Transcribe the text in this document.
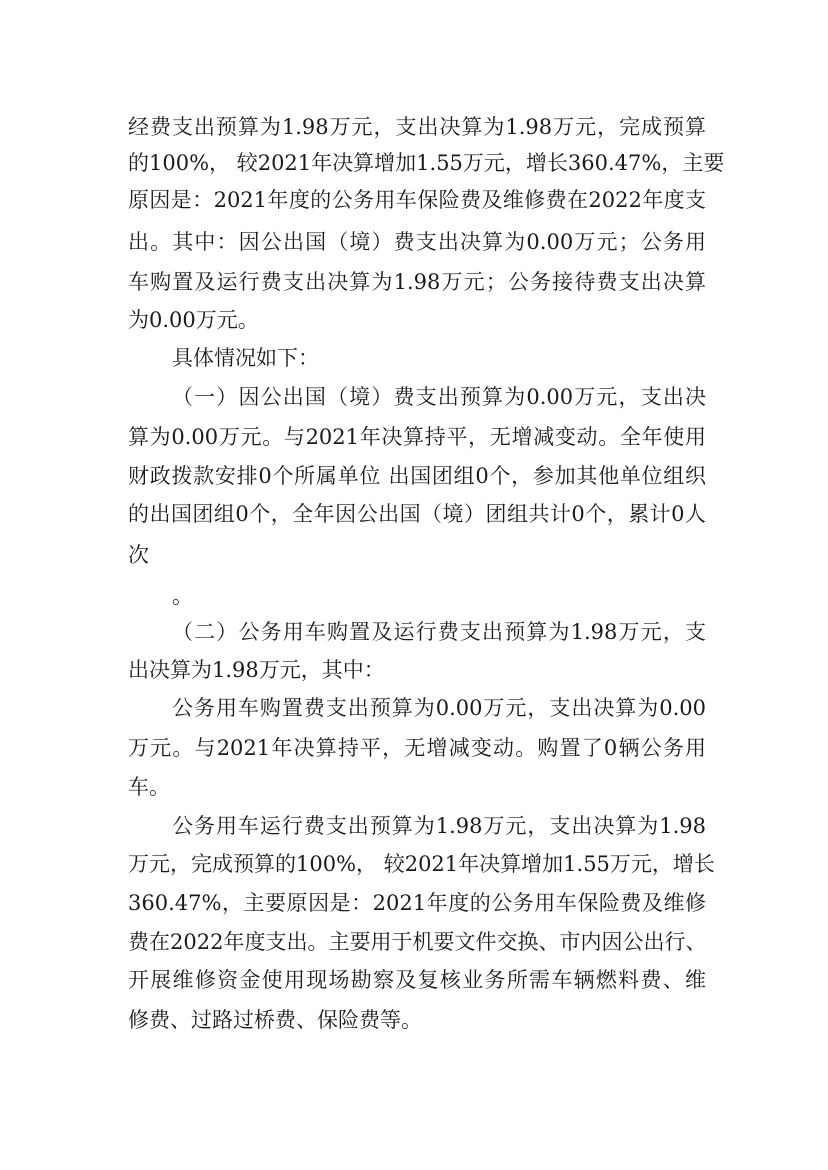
经费支出预算为1.98万元，支出决算为1.98万元，完成预算
的100%， 较2021年决算增加1.55万元，增长360.47%，主要
原因是：2021年度的公务用车保险费及维修费在2022年度支
出。其中：因公出国（境）费支出决算为0.00万元；公务用
车购置及运行费支出决算为1.98万元；公务接待费支出决算
为0.00万元。
具体情况如下：
（一）因公出国（境）费支出预算为0.00万元，支出决
算为0.00万元。与2021年决算持平，无增减变动。全年使用
财政拨款安排0个所属单位 出国团组0个，参加其他单位组织
的出国团组0个，全年因公出国（境）团组共计0个，累计0人
次
。
（二）公务用车购置及运行费支出预算为1.98万元，支
出决算为1.98万元，其中：
公务用车购置费支出预算为0.00万元，支出决算为0.00
万元。与2021年决算持平，无增减变动。购置了0辆公务用
车。
公务用车运行费支出预算为1.98万元，支出决算为1.98
万元，完成预算的100%， 较2021年决算增加1.55万元，增长
360.47%，主要原因是：2021年度的公务用车保险费及维修
费在2022年度支出。主要用于机要文件交换、市内因公出行、
开展维修资金使用现场勘察及复核业务所需车辆燃料费、维
修费、过路过桥费、保险费等。
